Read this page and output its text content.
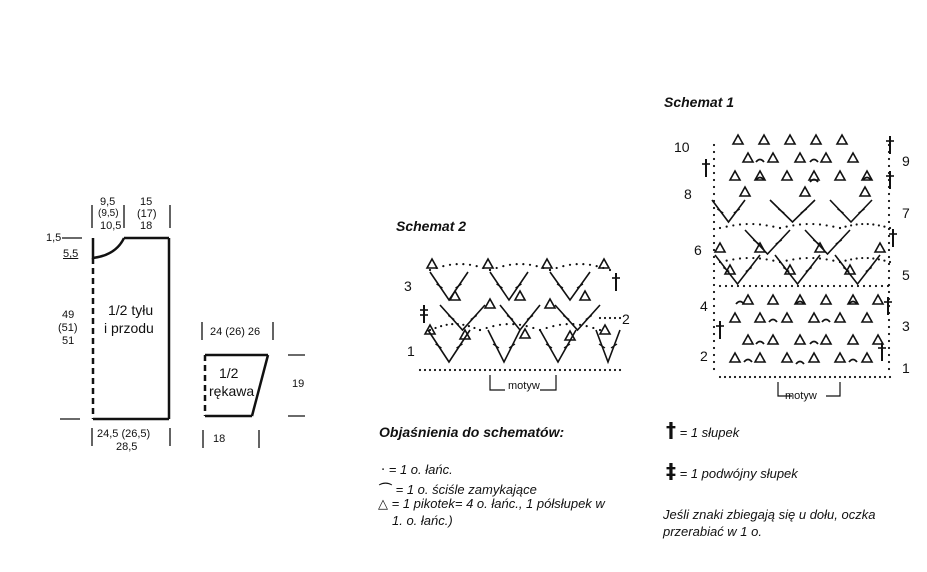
9,5
(9,5)
10,5
15
(17)
18
1,5
5,5
49
(51)
51
1/2 tyłu
i przodu
24,5 (26,5)
28,5
24 (26) 26
1/2
rękawa	19
18
Schemat 2
3
2
1
motyw
Schemat 1
10
8
6
4
2
9
7
5
3
1
motyw
Objaśnienia do schematów:
· = 1 o. łańc.
⌒ = 1 o. ściśle zamykające
△ = 1 pikotek= 4 o. łańc., 1 półsłupek w
1. o. łańc.)
† = 1 słupek
‡ = 1 podwójny słupek
Jeśli znaki zbiegają się u dołu, oczka
przerabiać w 1 o.
